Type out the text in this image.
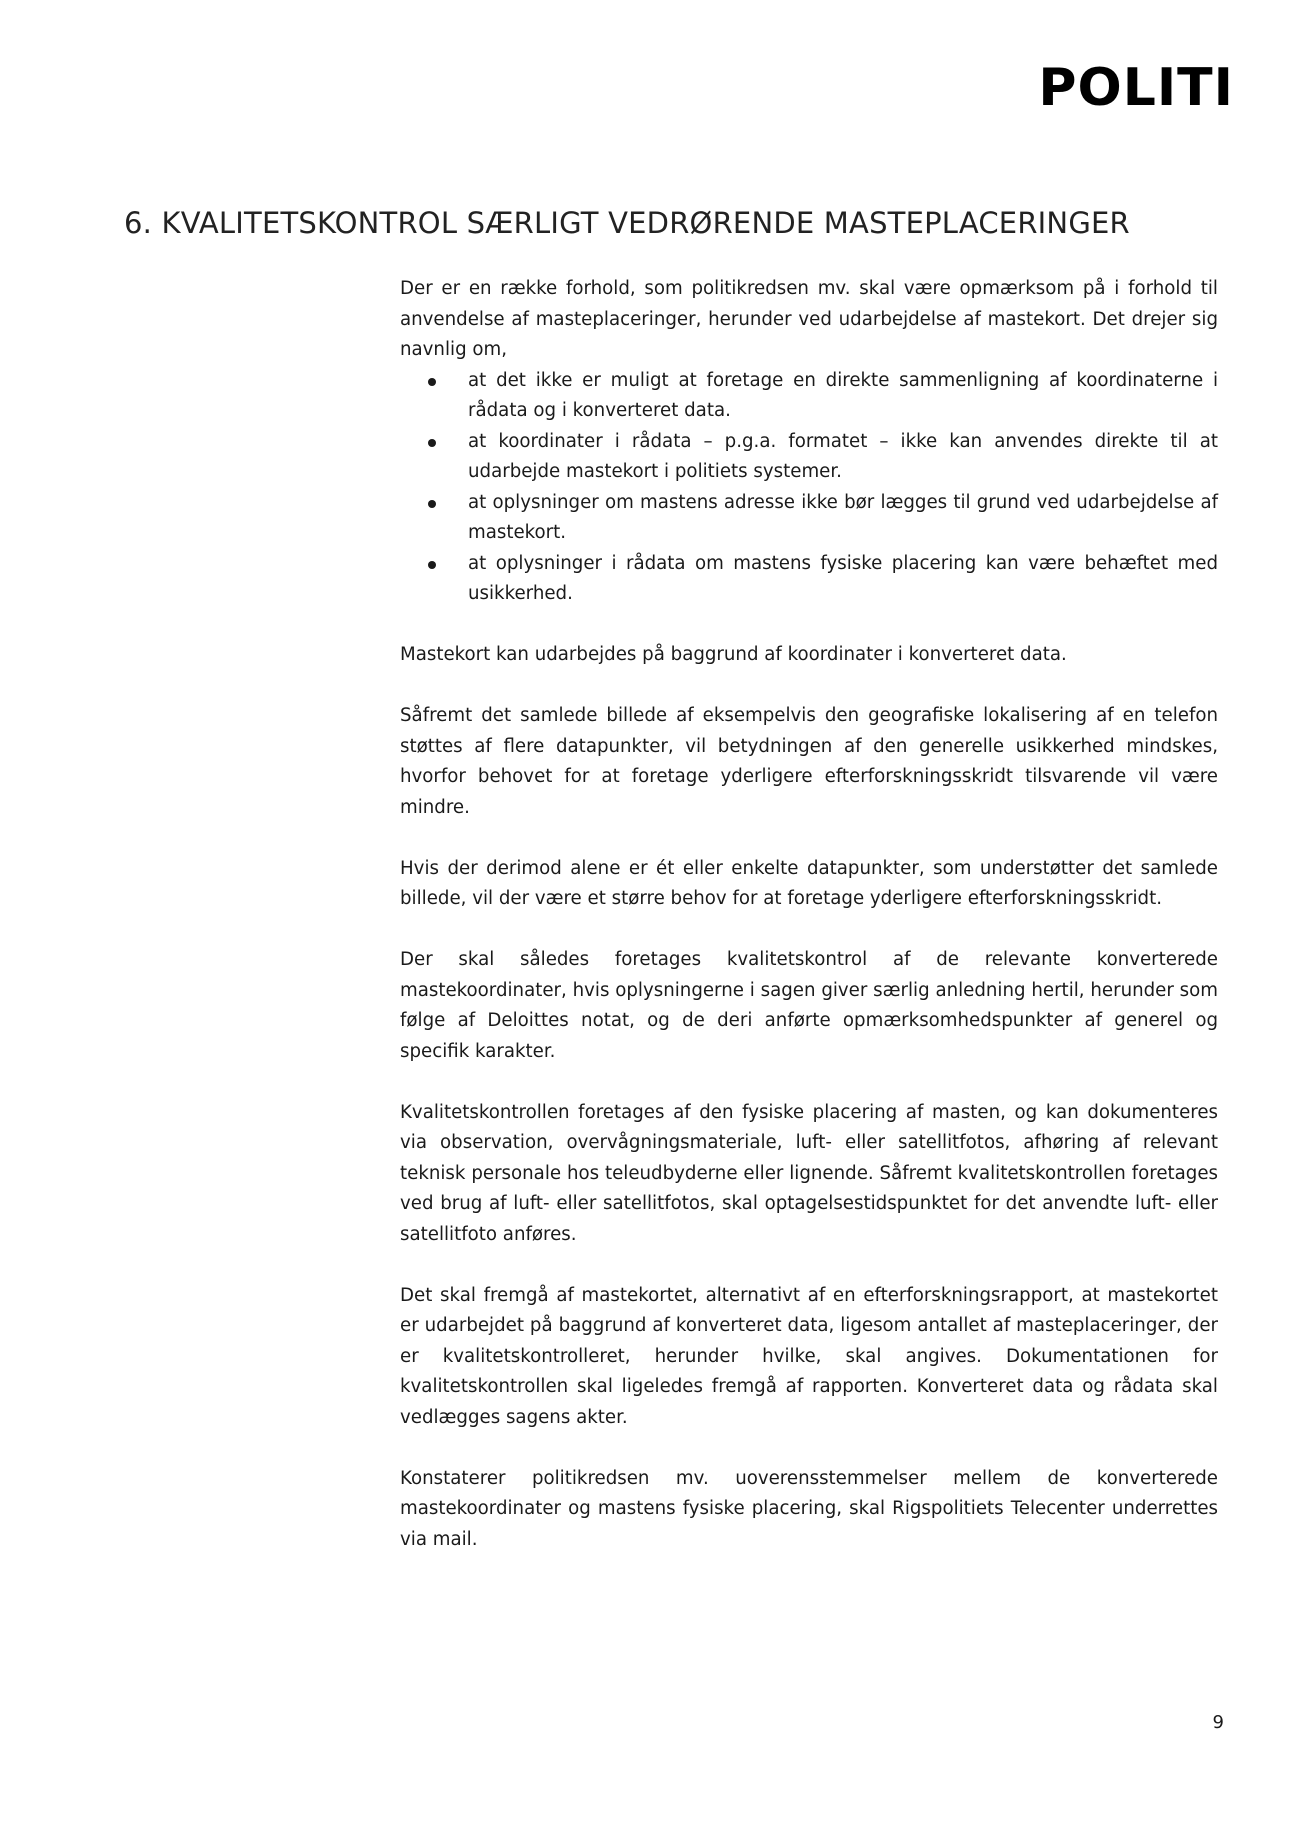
POLITI
6. KVALITETSKONTROL SÆRLIGT VEDRØRENDE MASTEPLACERINGER

Der er en række forhold, som politikredsen mv. skal være opmærksom på i forhold til anvendelse af masteplaceringer, herunder ved udarbejdelse af mastekort. Det drejer sig navnlig om,

at det ikke er muligt at foretage en direkte sammenligning af koordinaterne i rådata og i konverteret data.
at koordinater i rådata – p.g.a. formatet – ikke kan anvendes direkte til at udarbejde mastekort i politiets systemer.
at oplysninger om mastens adresse ikke bør lægges til grund ved udarbejdelse af mastekort.
at oplysninger i rådata om mastens fysiske placering kan være behæftet med usikkerhed.

Mastekort kan udarbejdes på baggrund af koordinater i konverteret data.

Såfremt det samlede billede af eksempelvis den geografiske lokalisering af en telefon støttes af flere datapunkter, vil betydningen af den generelle usikkerhed mindskes, hvorfor behovet for at foretage yderligere efterforskningsskridt tilsvarende vil være mindre.

Hvis der derimod alene er ét eller enkelte datapunkter, som understøtter det samlede billede, vil der være et større behov for at foretage yderligere efterforskningsskridt.

Der skal således foretages kvalitetskontrol af de relevante konverterede mastekoordinater, hvis oplysningerne i sagen giver særlig anledning hertil, herunder som følge af Deloittes notat, og de deri anførte opmærksomhedspunkter af generel og specifik karakter.

Kvalitetskontrollen foretages af den fysiske placering af masten, og kan dokumenteres via observation, overvågningsmateriale, luft- eller satellitfotos, afhøring af relevant teknisk personale hos teleudbyderne eller lignende. Såfremt kvalitetskontrollen foretages ved brug af luft- eller satellitfotos, skal optagelsestidspunktet for det anvendte luft- eller satellitfoto anføres.

Det skal fremgå af mastekortet, alternativt af en efterforskningsrapport, at mastekortet er udarbejdet på baggrund af konverteret data, ligesom antallet af masteplaceringer, der er kvalitetskontrolleret, herunder hvilke, skal angives. Dokumentationen for kvalitetskontrollen skal ligeledes fremgå af rapporten. Konverteret data og rådata skal vedlægges sagens akter.

Konstaterer politikredsen mv. uoverensstemmelser mellem de konverterede mastekoordinater og mastens fysiske placering, skal Rigspolitiets Telecenter underrettes via mail.

9
